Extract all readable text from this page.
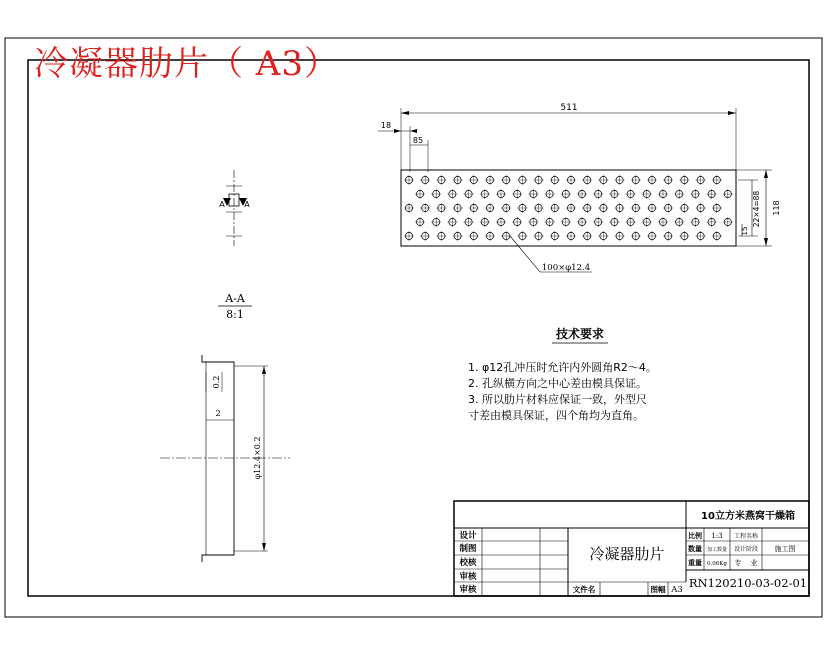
511
18
85
118
22×4=88
15
100×φ12.4
A A
A-A
8:1
φ12.4×0.2
0.2
2
技术要求
1. φ12孔冲压时允许内外圆角R2～4。
2. 孔纵横方向之中心差由模具保证。
3. 所以肋片材料应保证一致，外型尺
寸差由模具保证，四个角均为直角。
10立方米燕窝干燥箱
冷凝器肋片
RN120210-03-02-01
设计
制图
校核
审核
审核
比例 1:3 工程名称
数量 加工数量 设计阶段 施工图
重量 0.06Kg 专 业
文件名	图幅 A3
冷凝器肋片（ A3）
